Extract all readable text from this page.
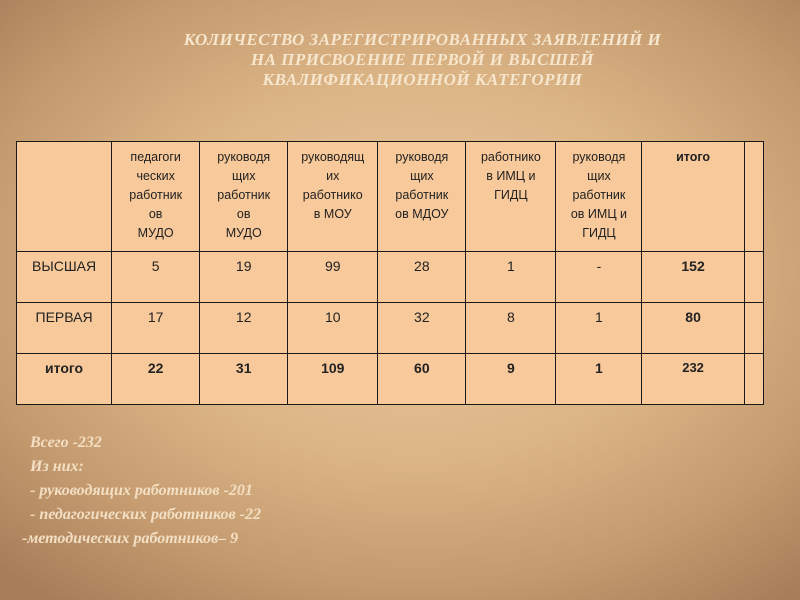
КОЛИЧЕСТВО ЗАРЕГИСТРИРОВАННЫХ ЗАЯВЛЕНИЙ И
НА ПРИСВОЕНИЕ ПЕРВОЙ И ВЫСШЕЙ
КВАЛИФИКАЦИОННОЙ КАТЕГОРИИ
	педагоги
ческих
работник
ов
МУДО	руководя
щих
работник
ов
МУДО	руководящ
их
работнико
в МОУ	руководя
щих
работник
ов МДОУ	работнико
в ИМЦ и
ГИДЦ	руководя
щих
работник
ов ИМЦ и
ГИДЦ	итого	
ВЫСШАЯ	5	19	99	28	1	-	152	
ПЕРВАЯ	17	12	10	32	8	1	80	
итого	22	31	109	60	9	1	232	
Всего -232
Из них:
- руководящих работников -201
- педагогических работников -22
-методических работников– 9
